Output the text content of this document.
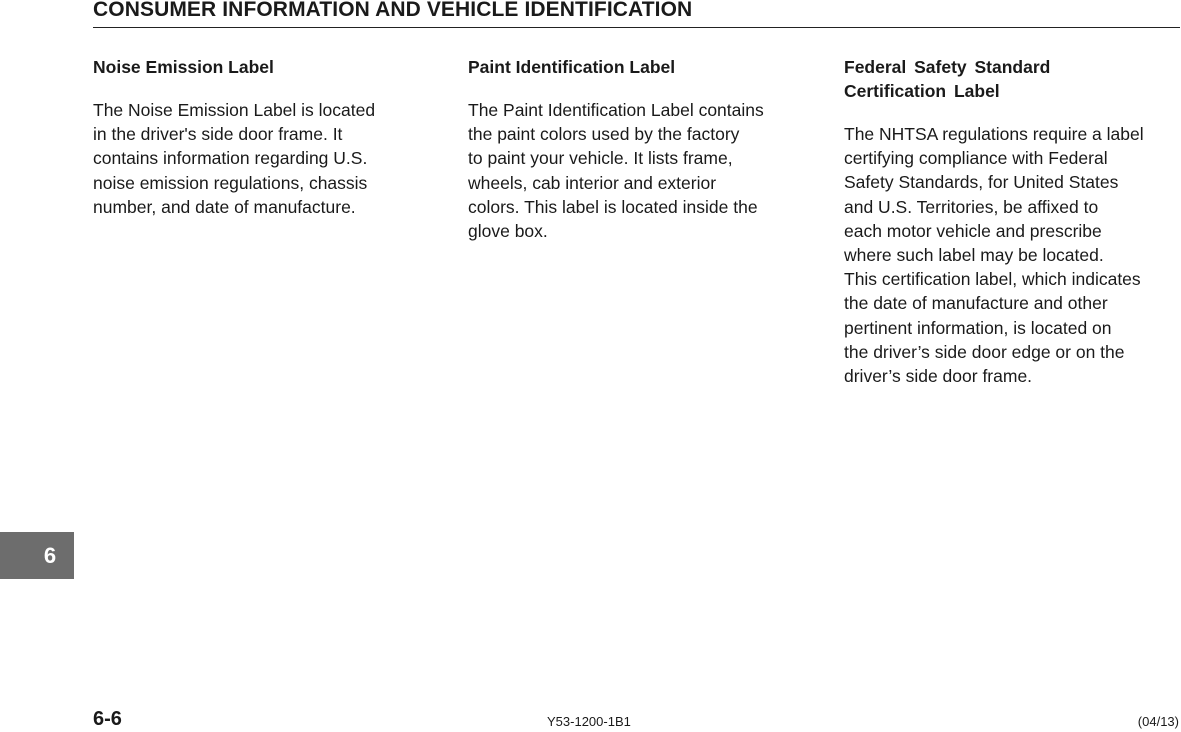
CONSUMER INFORMATION AND VEHICLE IDENTIFICATION
Noise Emission Label

The Noise Emission Label is located
in the driver's side door frame. It
contains information regarding U.S.
noise emission regulations, chassis
number, and date of manufacture.

Paint Identification Label

The Paint Identification Label contains
the paint colors used by the factory
to paint your vehicle. It lists frame,
wheels, cab interior and exterior
colors. This label is located inside the
glove box.

Federal Safety Standard
Certification Label

The NHTSA regulations require a label
certifying compliance with Federal
Safety Standards, for United States
and U.S. Territories, be affixed to
each motor vehicle and prescribe
where such label may be located.
This certification label, which indicates
the date of manufacture and other
pertinent information, is located on
the driver’s side door edge or on the
driver’s side door frame.

6
6-6	Y53-1200-1B1	(04/13)
